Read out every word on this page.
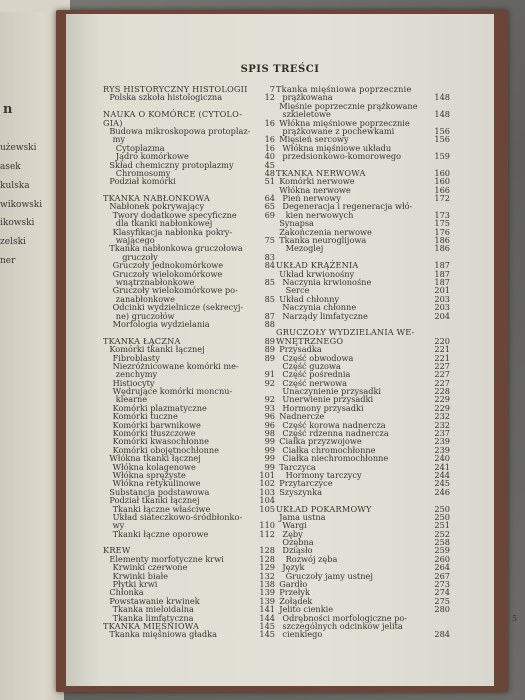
n
użewski
asek
kulska
wikowski
ikowski
zelski
ner
SPIS TREŚCI
5
RYS HISTORYCZNY HISTOLOGII	7
Polska szkoła histologiczna	12
NAUKA O KOMÓRCE (CYTOLO-
GIA)	16
Budowa mikroskopowa protoplaz-
my	16
Cytoplazma	16
Jądro komórkowe	40
Skład chemiczny protoplazmy	45
Chromosomy	48
Podział komórki	51
TKANKA NABŁONKOWA	64
Nabłonek pokrywający	65
Twory dodatkowe specyficzne	69
dla tkanki nabłonkowej
Klasyfikacja nabłonka pokry-
wającego	75
Tkanka nabłonkowa gruczołowa
gruczoły	83
Gruczoły jednokomórkowe	84
Gruczoły wielokomórkowe
wnątrznabłonkowe	85
Gruczoły wielokomórkowe po-
zanabłonkowe	85
Odcinki wydzielnicze (sekrecyj-
ne) gruczołów	87
Morfologia wydzielania	88
TKANKA ŁĄCZNA	89
Komórki tkanki łącznej	89
Fibroblasty	89
Niezróżnicowane komórki me-
zenchymy	91
Histiocyty	92
Wędrujące komórki moncnu-
klearne	92
Komórki plazmatyczne	93
Komórki tuczne	96
Komórki barwnikowe	96
Komórki tłuszczowe	98
Komórki kwasochłonne	99
Komórki obojętnochłonne	99
Włókna tkanki łącznej	99
Włókna kolagenowe	99
Włókna sprężyste	101
Włókna retykulinowe	102
Substancja podstawowa	103
Podział tkanki łącznej	104
Tkanki łączne właściwe	105
Układ siateczkowo-śródbłonko-
wy	110
Tkanki łączne oporowe	112
KREW	128
Elementy morfotyczne krwi	128
Krwinki czerwone	129
Krwinki białe	132
Płytki krwi	138
Chłonka	139
Powstawanie krwinek	139
Tkanka mieloidalna	141
Tkanka limfatyczna	144
TKANKA MIĘŚNIOWA	145
Tkanka mięśniowa gładka	145
Tkanka mięśniowa poprzecznie
prążkowana	148
Mięśnie poprzecznie prążkowane
szkieletowe	148
Włókna mięśniowe poprzecznie
prążkowane z pochewkami	156
Mięsień sercowy	156
Włókna mięśniowe układu
przedsionkowo-komorowego	159
TKANKA NERWOWA	160
Komórki nerwowe	160
Włókna nerwowe	166
Pień nerwowy	172
Degeneracja i regeneracja włó-
kien nerwowych	173
Synapsa	175
Zakończenia nerwowe	176
Tkanka neuroglijowa	186
Mezoglej	186
UKŁAD KRĄŻENIA	187
Układ krwionośny	187
Naczynia krwionośne	187
Serce	201
Układ chłonny	203
Naczynia chłonne	203
Narządy limfatyczne	204
GRUCZOŁY WYDZIELANIA WE-
WNĘTRZNEGO	220
Przysadka	221
Część obwodowa	221
Część guzowa	227
Część pośrednia	227
Część nerwowa	227
Unaczynienie przysadki	228
Unerwienie przysadki	229
Hormony przysadki	229
Nadnercze	232
Część korowa nadnercza	232
Część rdzenna nadnercza	237
Ciałka przyzwojowe	239
Ciałka chromochłonne	239
Ciałka niechromochłonne	240
Tarczyca	241
Hormony tarczycy	244
Przytarczyce	245
Szyszynka	246
UKŁAD POKARMOWY	250
Jama ustna	250
Wargi	251
Zęby	252
Ozębna	258
Dziąsło	259
Rozwój zęba	260
Język	264
Gruczoły jamy ustnej	267
Gardło	273
Przełyk	274
Żołądek	275
Jelito cienkie	280
Odrębności morfologiczne po-
szczególnych odcinków jelita
cienkiego	284
